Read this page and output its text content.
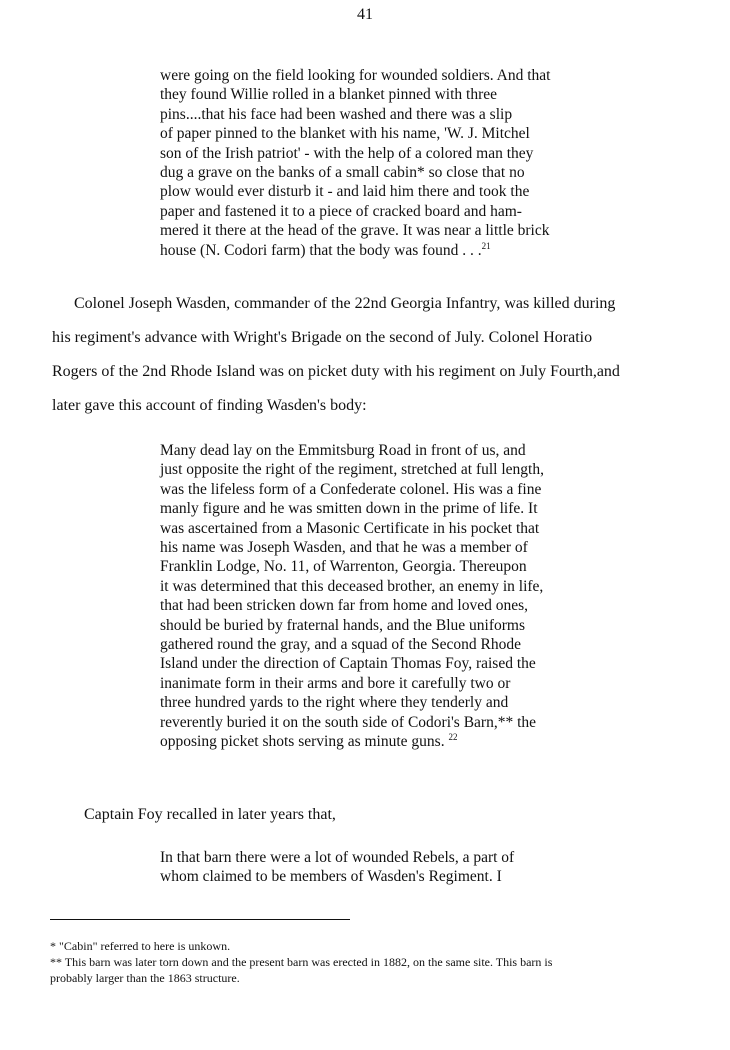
41
were going on the field looking for wounded soldiers. And that
they found Willie rolled in a blanket pinned with three
pins....that his face had been washed and there was a slip
of paper pinned to the blanket with his name, 'W. J. Mitchel
son of the Irish patriot' - with the help of a colored man they
dug a grave on the banks of a small cabin* so close that no
plow would ever disturb it - and laid him there and took the
paper and fastened it to a piece of cracked board and ham-
mered it there at the head of the grave. It was near a little brick
house (N. Codori farm) that the body was found . . .$^{21}$
Colonel Joseph Wasden, commander of the 22nd Georgia Infantry, was killed during
his regiment's advance with Wright's Brigade on the second of July. Colonel Horatio
Rogers of the 2nd Rhode Island was on picket duty with his regiment on July Fourth,and
later gave this account of finding Wasden's body:
Many dead lay on the Emmitsburg Road in front of us, and
just opposite the right of the regiment, stretched at full length,
was the lifeless form of a Confederate colonel. His was a fine
manly figure and he was smitten down in the prime of life. It
was ascertained from a Masonic Certificate in his pocket that
his name was Joseph Wasden, and that he was a member of
Franklin Lodge, No. 11, of Warrenton, Georgia. Thereupon
it was determined that this deceased brother, an enemy in life,
that had been stricken down far from home and loved ones,
should be buried by fraternal hands, and the Blue uniforms
gathered round the gray, and a squad of the Second Rhode
Island under the direction of Captain Thomas Foy, raised the
inanimate form in their arms and bore it carefully two or
three hundred yards to the right where they tenderly and
reverently buried it on the south side of Codori's Barn,** the
opposing picket shots serving as minute guns. $^{22}$
Captain Foy recalled in later years that,
In that barn there were a lot of wounded Rebels, a part of
whom claimed to be members of Wasden's Regiment. I
* "Cabin" referred to here is unkown.
** This barn was later torn down and the present barn was erected in 1882, on the same site. This barn is
probably larger than the 1863 structure.
